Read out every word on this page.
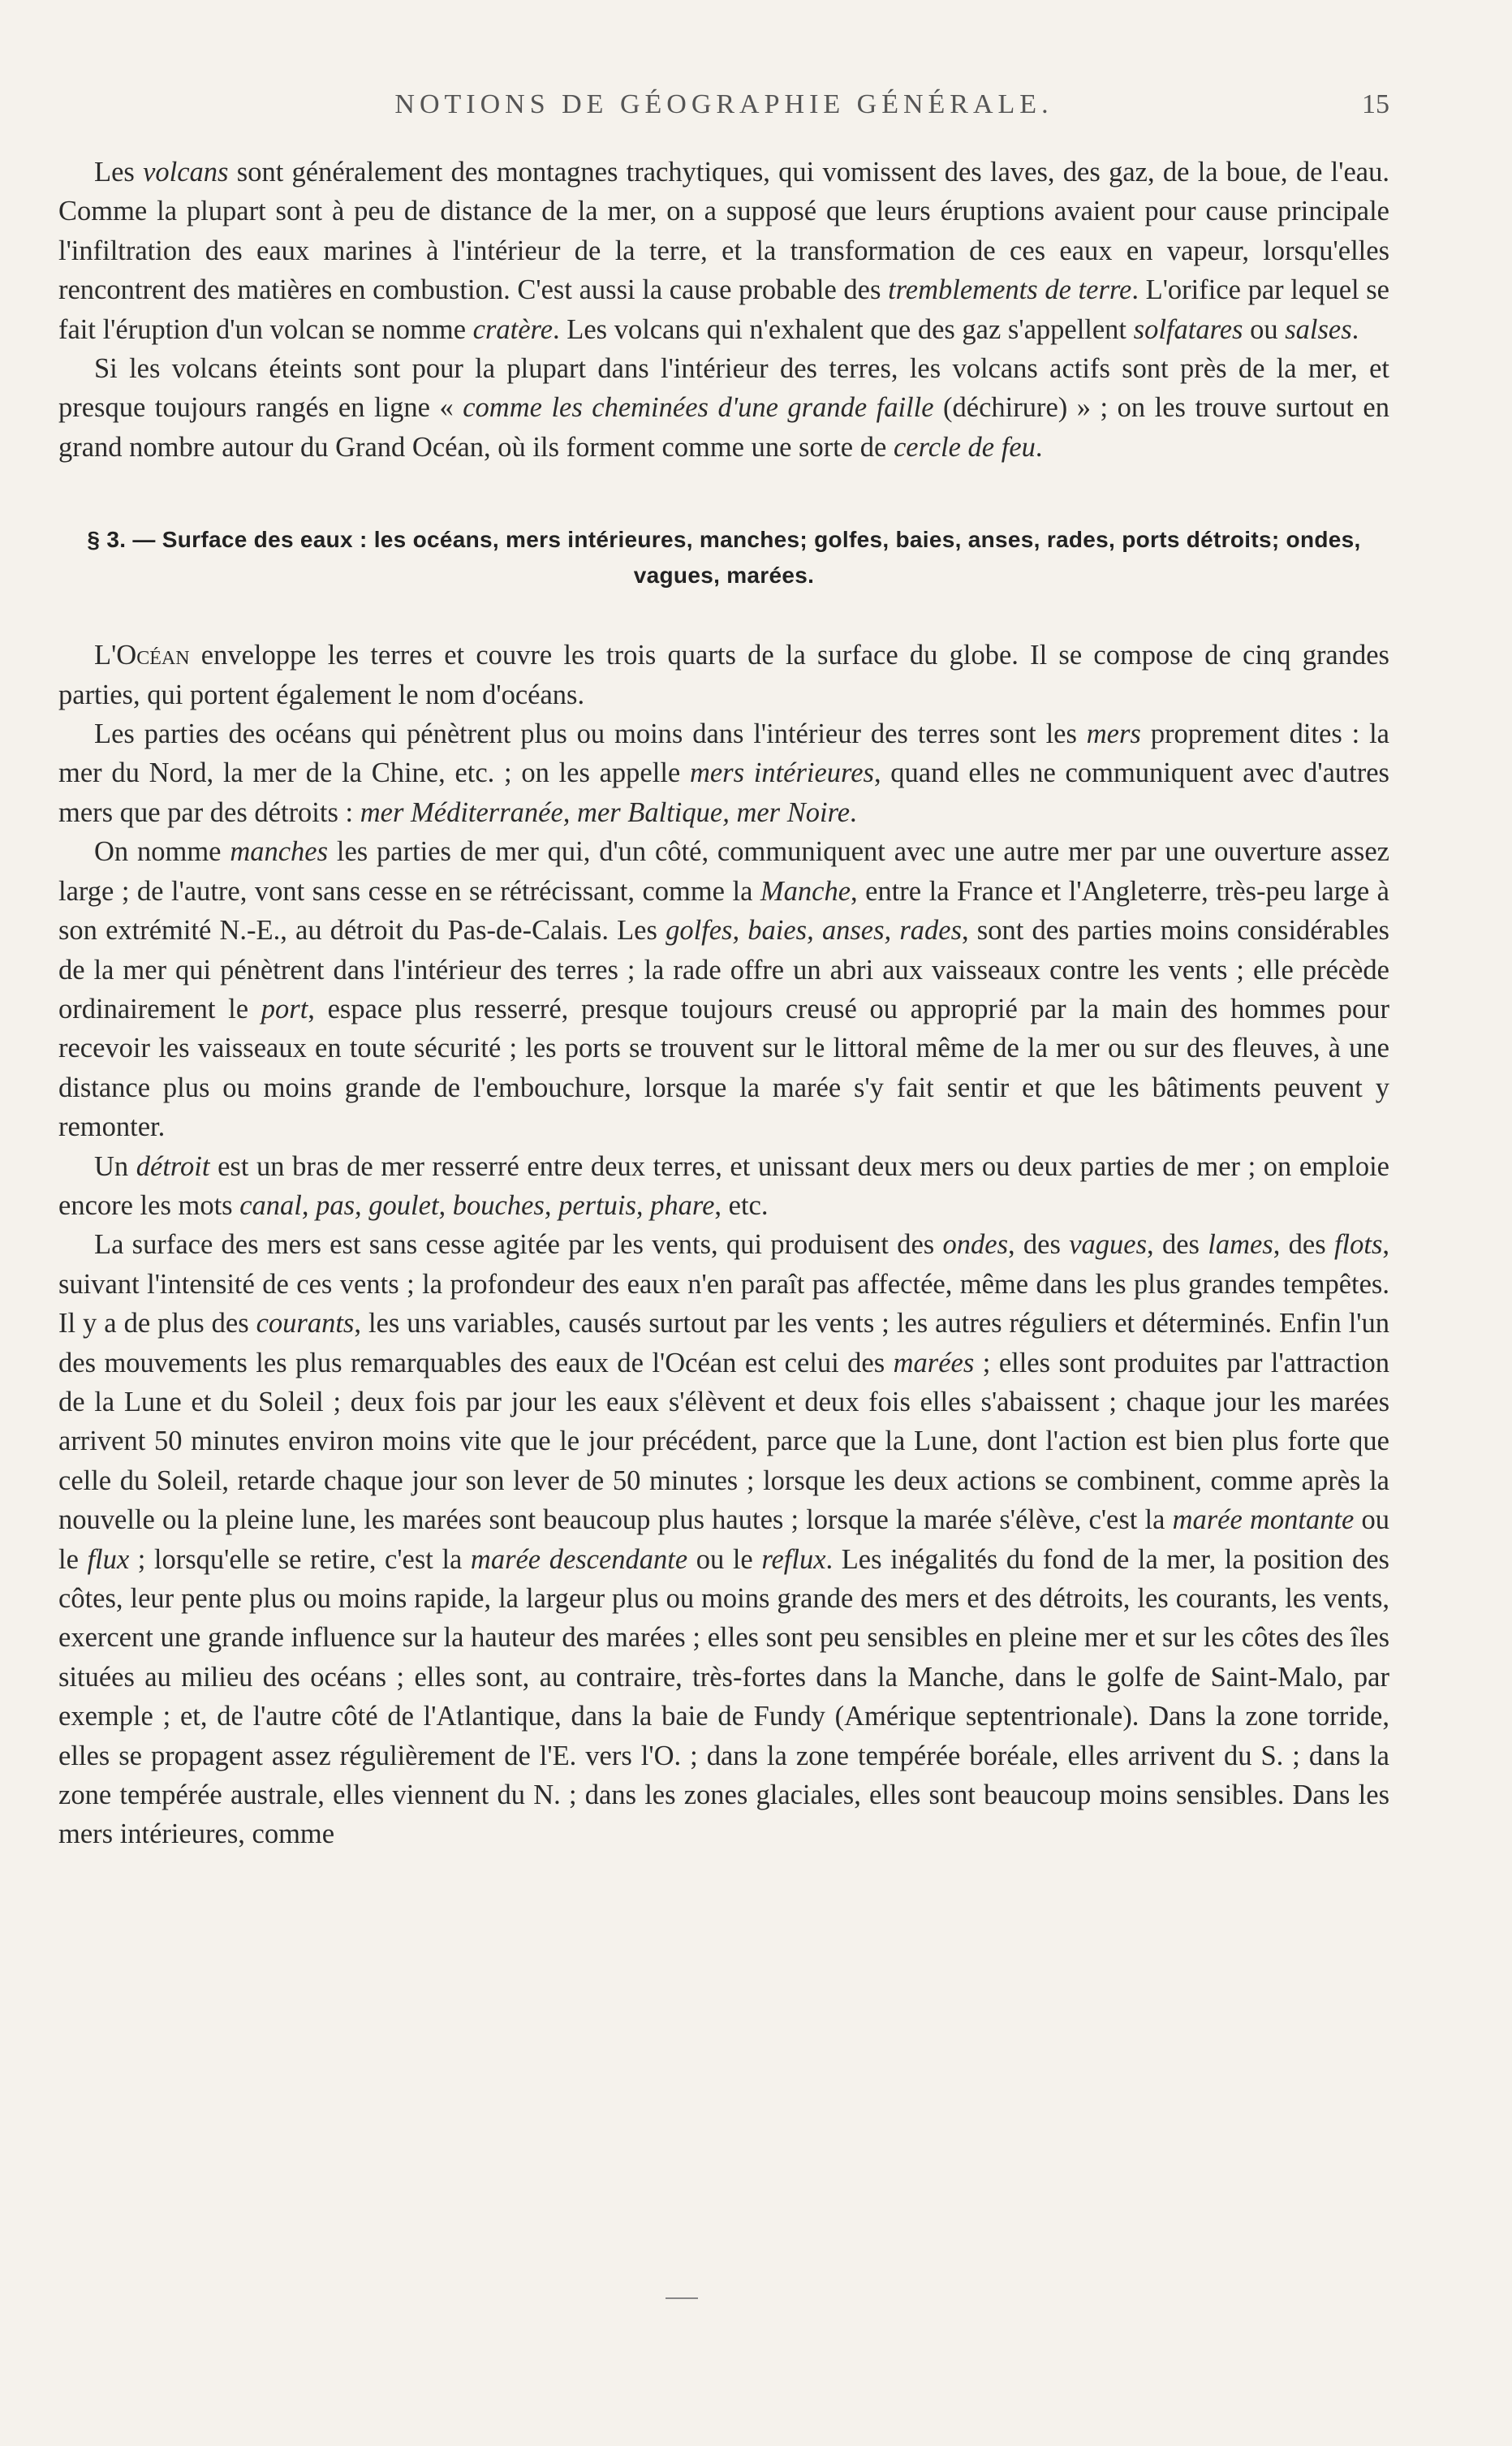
NOTIONS DE GÉOGRAPHIE GÉNÉRALE.	15

Les volcans sont généralement des montagnes trachytiques, qui vomissent des laves, des gaz, de la boue, de l'eau. Comme la plupart sont à peu de distance de la mer, on a supposé que leurs éruptions avaient pour cause principale l'infiltration des eaux marines à l'intérieur de la terre, et la transformation de ces eaux en vapeur, lorsqu'elles rencontrent des matières en combustion. C'est aussi la cause probable des tremblements de terre. L'orifice par lequel se fait l'éruption d'un volcan se nomme cratère. Les volcans qui n'exhalent que des gaz s'appellent solfatares ou salses.

Si les volcans éteints sont pour la plupart dans l'intérieur des terres, les volcans actifs sont près de la mer, et presque toujours rangés en ligne « comme les cheminées d'une grande faille (déchirure) » ; on les trouve surtout en grand nombre autour du Grand Océan, où ils forment comme une sorte de cercle de feu.

§ 3. — Surface des eaux : les océans, mers intérieures, manches; golfes, baies, anses, rades, ports détroits; ondes, vagues, marées.

L'Océan enveloppe les terres et couvre les trois quarts de la surface du globe. Il se compose de cinq grandes parties, qui portent également le nom d'océans.

Les parties des océans qui pénètrent plus ou moins dans l'intérieur des terres sont les mers proprement dites : la mer du Nord, la mer de la Chine, etc. ; on les appelle mers intérieures, quand elles ne communiquent avec d'autres mers que par des détroits : mer Méditerranée, mer Baltique, mer Noire.

On nomme manches les parties de mer qui, d'un côté, communiquent avec une autre mer par une ouverture assez large ; de l'autre, vont sans cesse en se rétrécissant, comme la Manche, entre la France et l'Angleterre, très-peu large à son extrémité N.-E., au détroit du Pas-de-Calais. Les golfes, baies, anses, rades, sont des parties moins considérables de la mer qui pénètrent dans l'intérieur des terres ; la rade offre un abri aux vaisseaux contre les vents ; elle précède ordinairement le port, espace plus resserré, presque toujours creusé ou approprié par la main des hommes pour recevoir les vaisseaux en toute sécurité ; les ports se trouvent sur le littoral même de la mer ou sur des fleuves, à une distance plus ou moins grande de l'embouchure, lorsque la marée s'y fait sentir et que les bâtiments peuvent y remonter.

Un détroit est un bras de mer resserré entre deux terres, et unissant deux mers ou deux parties de mer ; on emploie encore les mots canal, pas, goulet, bouches, pertuis, phare, etc.

La surface des mers est sans cesse agitée par les vents, qui produisent des ondes, des vagues, des lames, des flots, suivant l'intensité de ces vents ; la profondeur des eaux n'en paraît pas affectée, même dans les plus grandes tempêtes. Il y a de plus des courants, les uns variables, causés surtout par les vents ; les autres réguliers et déterminés. Enfin l'un des mouvements les plus remarquables des eaux de l'Océan est celui des marées ; elles sont produites par l'attraction de la Lune et du Soleil ; deux fois par jour les eaux s'élèvent et deux fois elles s'abaissent ; chaque jour les marées arrivent 50 minutes environ moins vite que le jour précédent, parce que la Lune, dont l'action est bien plus forte que celle du Soleil, retarde chaque jour son lever de 50 minutes ; lorsque les deux actions se combinent, comme après la nouvelle ou la pleine lune, les marées sont beaucoup plus hautes ; lorsque la marée s'élève, c'est la marée montante ou le flux ; lorsqu'elle se retire, c'est la marée descendante ou le reflux. Les inégalités du fond de la mer, la position des côtes, leur pente plus ou moins rapide, la largeur plus ou moins grande des mers et des détroits, les courants, les vents, exercent une grande influence sur la hauteur des marées ; elles sont peu sensibles en pleine mer et sur les côtes des îles situées au milieu des océans ; elles sont, au contraire, très-fortes dans la Manche, dans le golfe de Saint-Malo, par exemple ; et, de l'autre côté de l'Atlantique, dans la baie de Fundy (Amérique septentrionale). Dans la zone torride, elles se propagent assez régulièrement de l'E. vers l'O. ; dans la zone tempérée boréale, elles arrivent du S. ; dans la zone tempérée australe, elles viennent du N. ; dans les zones glaciales, elles sont beaucoup moins sensibles. Dans les mers intérieures, comme
